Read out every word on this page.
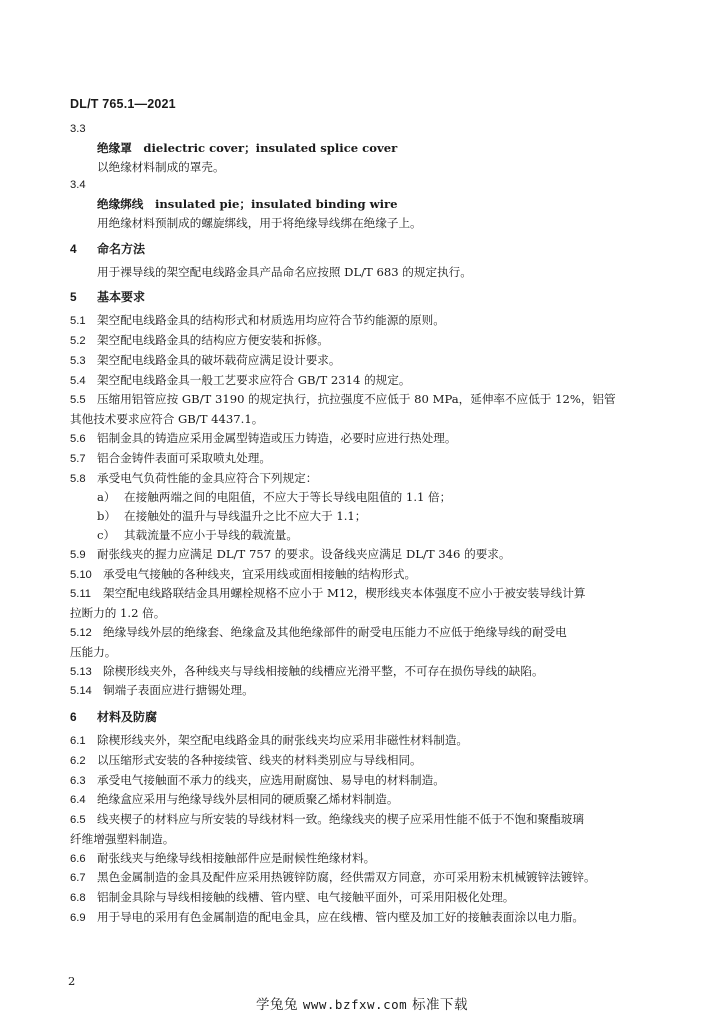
DL/T 765.1—2021
3.3
绝缘罩　dielectric cover；insulated splice cover
以绝缘材料制成的罩壳。
3.4
绝缘绑线　insulated pie；insulated binding wire
用绝缘材料预制成的螺旋绑线，用于将绝缘导线绑在绝缘子上。
4 命名方法
用于裸导线的架空配电线路金具产品命名应按照 DL/T 683 的规定执行。
5 基本要求
5.1 架空配电线路金具的结构形式和材质选用均应符合节约能源的原则。
5.2 架空配电线路金具的结构应方便安装和拆修。
5.3 架空配电线路金具的破坏载荷应满足设计要求。
5.4 架空配电线路金具一般工艺要求应符合 GB/T 2314 的规定。
5.5 压缩用铝管应按 GB/T 3190 的规定执行，抗拉强度不应低于 80 MPa，延伸率不应低于 12%，铝管
其他技术要求应符合 GB/T 4437.1。
5.6 铝制金具的铸造应采用金属型铸造或压力铸造，必要时应进行热处理。
5.7 铝合金铸件表面可采取喷丸处理。
5.8 承受电气负荷性能的金具应符合下列规定：
a） 在接触两端之间的电阻值，不应大于等长导线电阻值的 1.1 倍；
b） 在接触处的温升与导线温升之比不应大于 1.1；
c） 其载流量不应小于导线的载流量。
5.9 耐张线夹的握力应满足 DL/T 757 的要求。设备线夹应满足 DL/T 346 的要求。
5.10 承受电气接触的各种线夹，宜采用线或面相接触的结构形式。
5.11	架空配电线路联结金具用螺栓规格不应小于 M12，楔形线夹本体强度不应小于被安装导线计算
拉断力的 1.2 倍。
5.12 绝缘导线外层的绝缘套、绝缘盒及其他绝缘部件的耐受电压能力不应低于绝缘导线的耐受电
压能力。
5.13 除楔形线夹外，各种线夹与导线相接触的线槽应光滑平整，不可存在损伤导线的缺陷。
5.14 铜端子表面应进行搪锡处理。
6 材料及防腐
6.1 除楔形线夹外，架空配电线路金具的耐张线夹均应采用非磁性材料制造。
6.2 以压缩形式安装的各种接续管、线夹的材料类别应与导线相同。
6.3 承受电气接触面不承力的线夹，应选用耐腐蚀、易导电的材料制造。
6.4 绝缘盒应采用与绝缘导线外层相同的硬质聚乙烯材料制造。
6.5 线夹楔子的材料应与所安装的导线材料一致。绝缘线夹的楔子应采用性能不低于不饱和聚酯玻璃
纤维增强塑料制造。
6.6 耐张线夹与绝缘导线相接触部件应是耐候性绝缘材料。
6.7 黑色金属制造的金具及配件应采用热镀锌防腐，经供需双方同意，亦可采用粉末机械镀锌法镀锌。
6.8 铝制金具除与导线相接触的线槽、管内壁、电气接触平面外，可采用阳极化处理。
6.9 用于导电的采用有色金属制造的配电金具，应在线槽、管内壁及加工好的接触表面涂以电力脂。
2
学兔兔 www.bzfxw.com 标准下载
